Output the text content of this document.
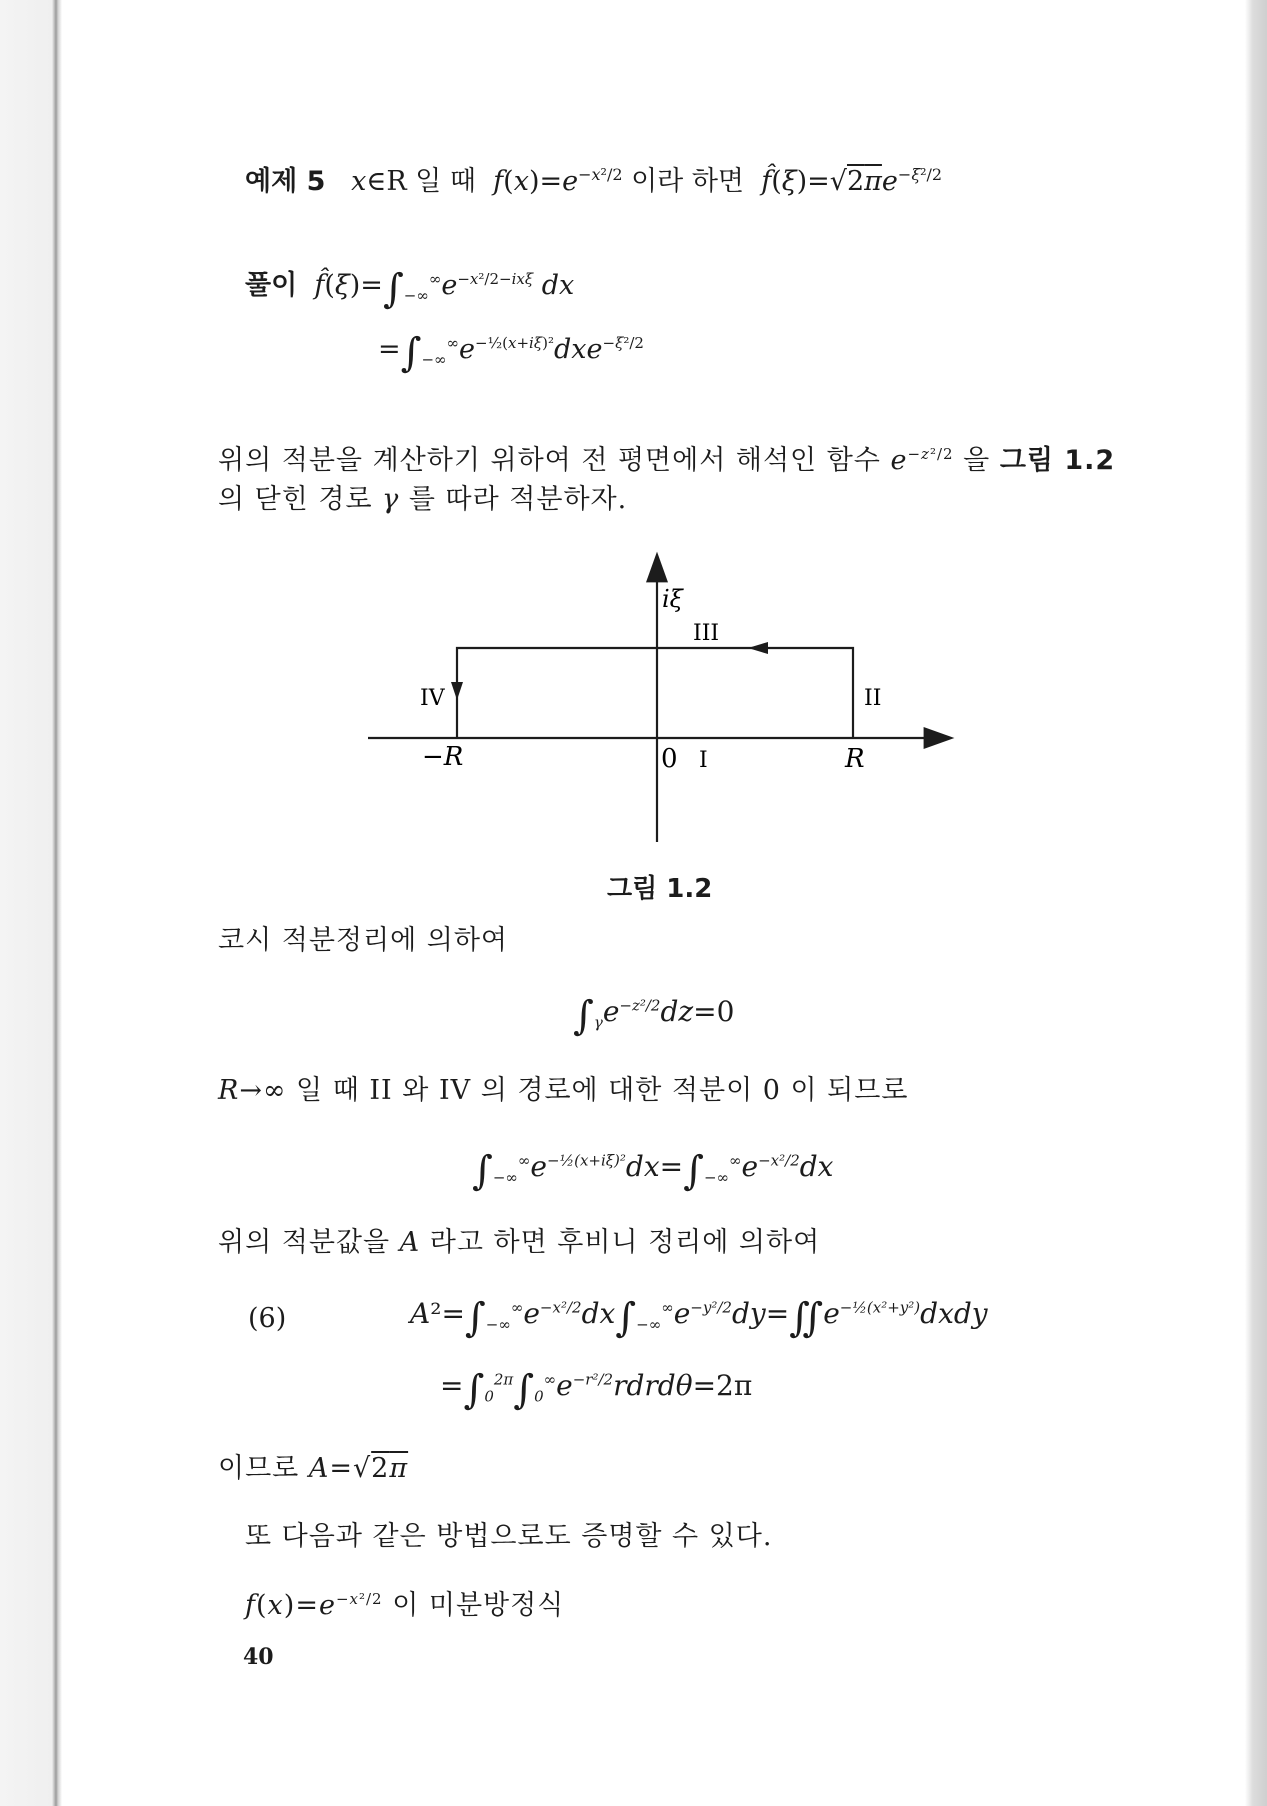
예제 5 x∈R 일 때  $f(x)=e^{-x^2/2}$ 이라 하면  $f̂(\xi)=√2\pi e^{-\xi^2/2}$
풀이 $f̂(\xi)=\int_{-\infty}^\infty e^{-x^2/2-ix\xi}$ dx
$=\int_{-\infty}^\infty e^{-\frac{1}{2}(x+i\xi)^2}dxe^{-\xi^2/2}$
위의 적분을 계산하기 위하여 전 평면에서 해석인 함수 $e^{-z^2/2}$ 을 그림 1.2
의 닫힌 경로 γ 를 따라 적분하자.
iξ
III
II
IV
−R	0 I	R
그림 1.2
코시 적분정리에 의하여
$\int_\gamma e^{-z^2/2}dz=0$
R→∞ 일 때 II 와 IV 의 경로에 대한 적분이 0 이 되므로
$\int_{-\infty}^\infty e^{-\frac{1}{2}(x+i\xi)^2}dx=\int_{-\infty}^\infty e^{-x^2/2}dx$
위의 적분값을 A 라고 하면 후비니 정리에 의하여
(6)	$A^2=\int_{-\infty}^\infty e^{-x^2/2}dx\int_{-\infty}^\infty e^{-y^2/2}dy=∬e^{-\frac{1}{2}(x^2+y^2)}dxdy$
$=\int_0^{2\pi}\int_0^\infty e^{-r^2/2}rdrd\theta=2\pi$
이므로 A=√2π
또 다음과 같은 방법으로도 증명할 수 있다.
$f(x)=e^{-x^2/2}$ 이 미분방정식
40
